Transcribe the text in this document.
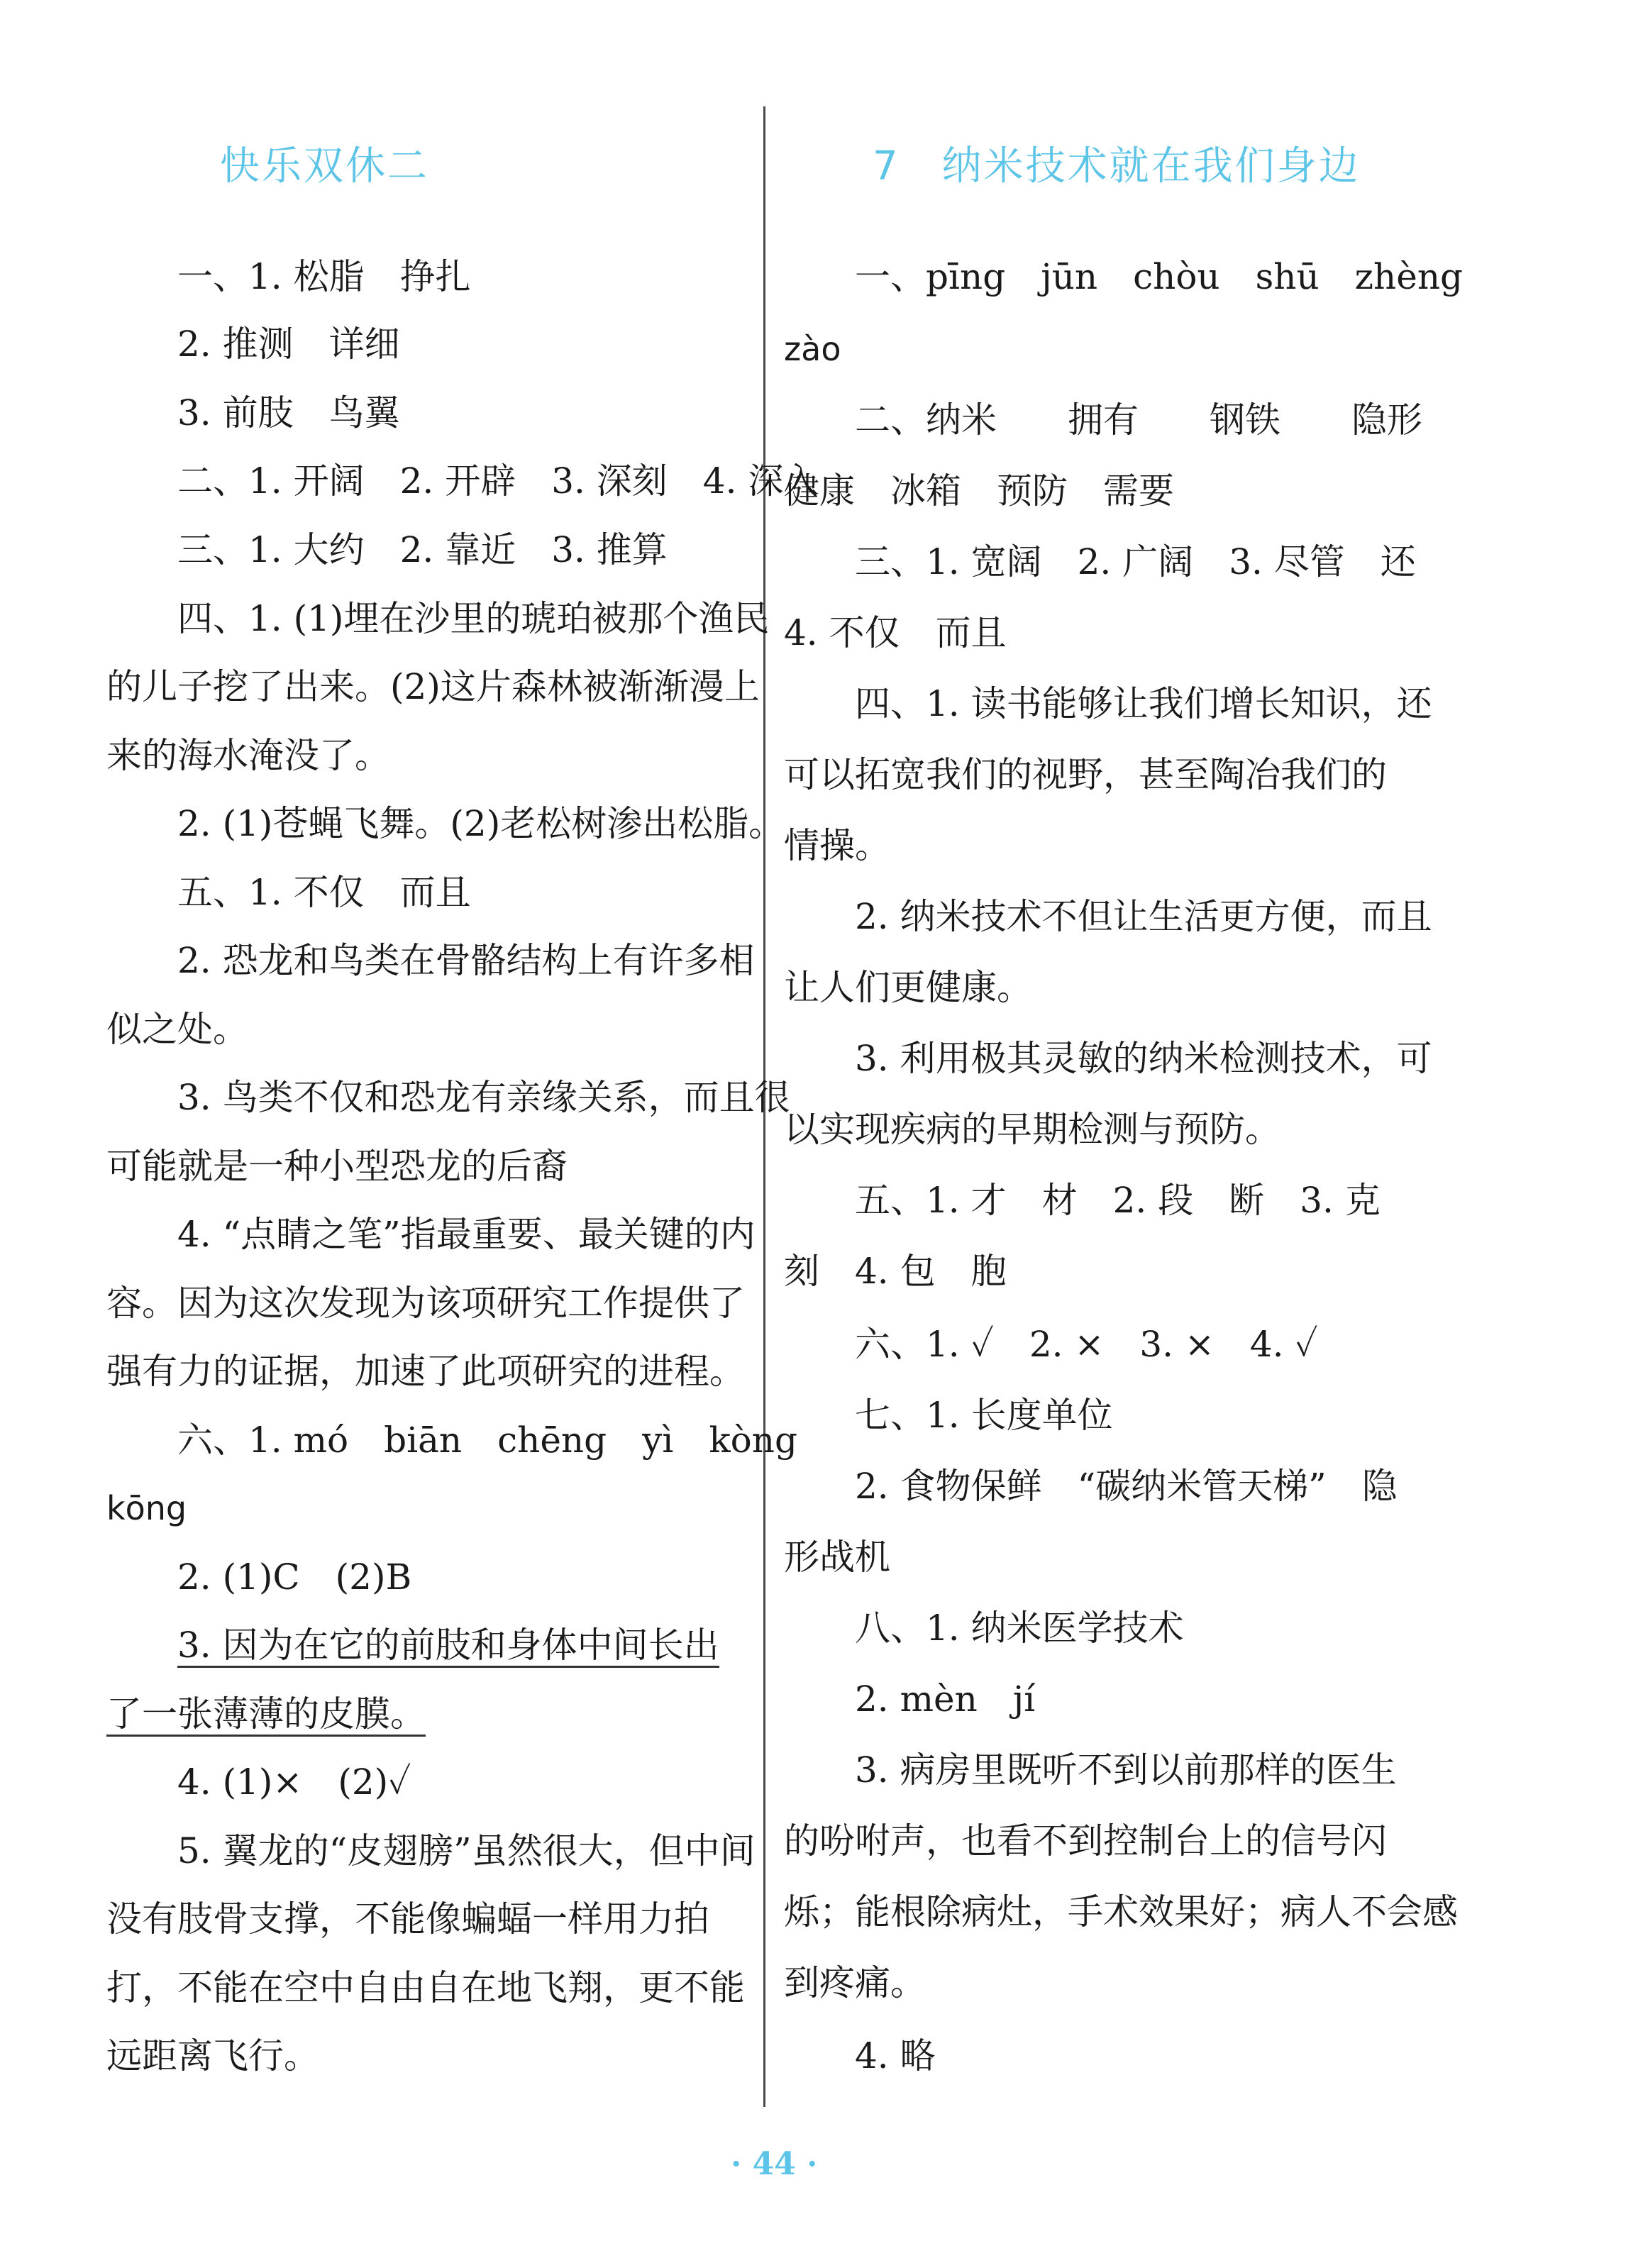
快乐双休二	7　纳米技术就在我们身边
一、1. 松脂　挣扎
2. 推测　详细
3. 前肢　鸟翼
二、1. 开阔　2. 开辟　3. 深刻　4. 深入
三、1. 大约　2. 靠近　3. 推算
四、1. (1)埋在沙里的琥珀被那个渔民
的儿子挖了出来。(2)这片森林被渐渐漫上
来的海水淹没了。
2. (1)苍蝇飞舞。(2)老松树渗出松脂。
五、1. 不仅　而且
2. 恐龙和鸟类在骨骼结构上有许多相
似之处。
3. 鸟类不仅和恐龙有亲缘关系，而且很
可能就是一种小型恐龙的后裔
4. “点睛之笔”指最重要、最关键的内
容。因为这次发现为该项研究工作提供了
强有力的证据，加速了此项研究的进程。
六、1. mó　biān　chēng　yì　kòng
kōng
2. (1)C　(2)B
3. 因为在它的前肢和身体中间长出
了一张薄薄的皮膜。
4. (1)×　(2)✓
5. 翼龙的“皮翅膀”虽然很大，但中间
没有肢骨支撑，不能像蝙蝠一样用力拍
打，不能在空中自由自在地飞翔，更不能
远距离飞行。
一、pīng　jūn　chòu　shū　zhèng
zào
二、纳米　　拥有　　钢铁　　隐形
健康　冰箱　预防　需要
三、1. 宽阔　2. 广阔　3. 尽管　还
4. 不仅　而且
四、1. 读书能够让我们增长知识，还
可以拓宽我们的视野，甚至陶冶我们的
情操。
2. 纳米技术不但让生活更方便，而且
让人们更健康。
3. 利用极其灵敏的纳米检测技术，可
以实现疾病的早期检测与预防。
五、1. 才　材　2. 段　断　3. 克
刻　4. 包　胞
六、1. ✓　2. ×　3. ×　4. ✓
七、1. 长度单位
2. 食物保鲜　“碳纳米管天梯”　隐
形战机
八、1. 纳米医学技术
2. mèn　jí
3. 病房里既听不到以前那样的医生
的吩咐声，也看不到控制台上的信号闪
烁；能根除病灶，手术效果好；病人不会感
到疼痛。
4. 略
· 44 ·
